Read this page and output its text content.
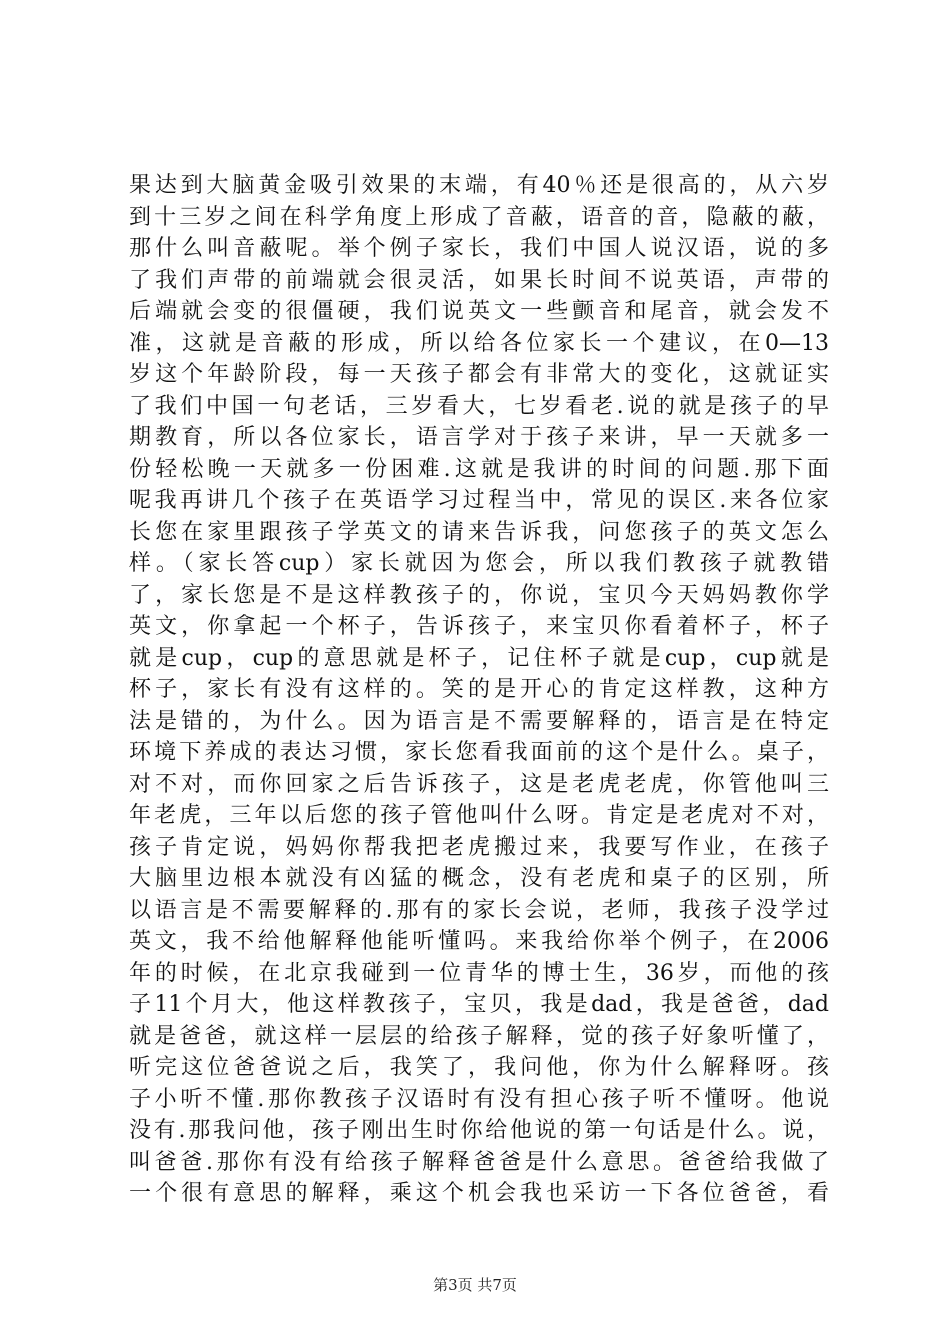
果达到大脑黄金吸引效果的末端，有40％还是很高的，从六岁
到十三岁之间在科学角度上形成了音蔽，语音的音，隐蔽的蔽，
那什么叫音蔽呢。举个例子家长，我们中国人说汉语，说的多
了我们声带的前端就会很灵活，如果长时间不说英语，声带的
后端就会变的很僵硬，我们说英文一些颤音和尾音，就会发不
准，这就是音蔽的形成，所以给各位家长一个建议，在0—13
岁这个年龄阶段，每一天孩子都会有非常大的变化，这就证实
了我们中国一句老话，三岁看大，七岁看老.说的就是孩子的早
期教育，所以各位家长，语言学对于孩子来讲，早一天就多一
份轻松晚一天就多一份困难.这就是我讲的时间的问题.那下面
呢我再讲几个孩子在英语学习过程当中，常见的误区.来各位家
长您在家里跟孩子学英文的请来告诉我，问您孩子的英文怎么
样。（家长答cup）家长就因为您会，所以我们教孩子就教错
了，家长您是不是这样教孩子的，你说，宝贝今天妈妈教你学
英文，你拿起一个杯子，告诉孩子，来宝贝你看着杯子，杯子
就是cup，cup的意思就是杯子，记住杯子就是cup，cup就是
杯子，家长有没有这样的。笑的是开心的肯定这样教，这种方
法是错的，为什么。因为语言是不需要解释的，语言是在特定
环境下养成的表达习惯，家长您看我面前的这个是什么。桌子，
对不对，而你回家之后告诉孩子，这是老虎老虎，你管他叫三
年老虎，三年以后您的孩子管他叫什么呀。肯定是老虎对不对，
孩子肯定说，妈妈你帮我把老虎搬过来，我要写作业，在孩子
大脑里边根本就没有凶猛的概念，没有老虎和桌子的区别，所
以语言是不需要解释的.那有的家长会说，老师，我孩子没学过
英文，我不给他解释他能听懂吗。来我给你举个例子，在2006
年的时候，在北京我碰到一位青华的博士生，36岁，而他的孩
子11个月大，他这样教孩子，宝贝，我是dad，我是爸爸，dad
就是爸爸，就这样一层层的给孩子解释，觉的孩子好象听懂了，
听完这位爸爸说之后，我笑了，我问他，你为什么解释呀。孩
子小听不懂.那你教孩子汉语时有没有担心孩子听不懂呀。他说
没有.那我问他，孩子刚出生时你给他说的第一句话是什么。说，
叫爸爸.那你有没有给孩子解释爸爸是什么意思。爸爸给我做了
一个很有意思的解释，乘这个机会我也采访一下各位爸爸，看
第3页 共7页
